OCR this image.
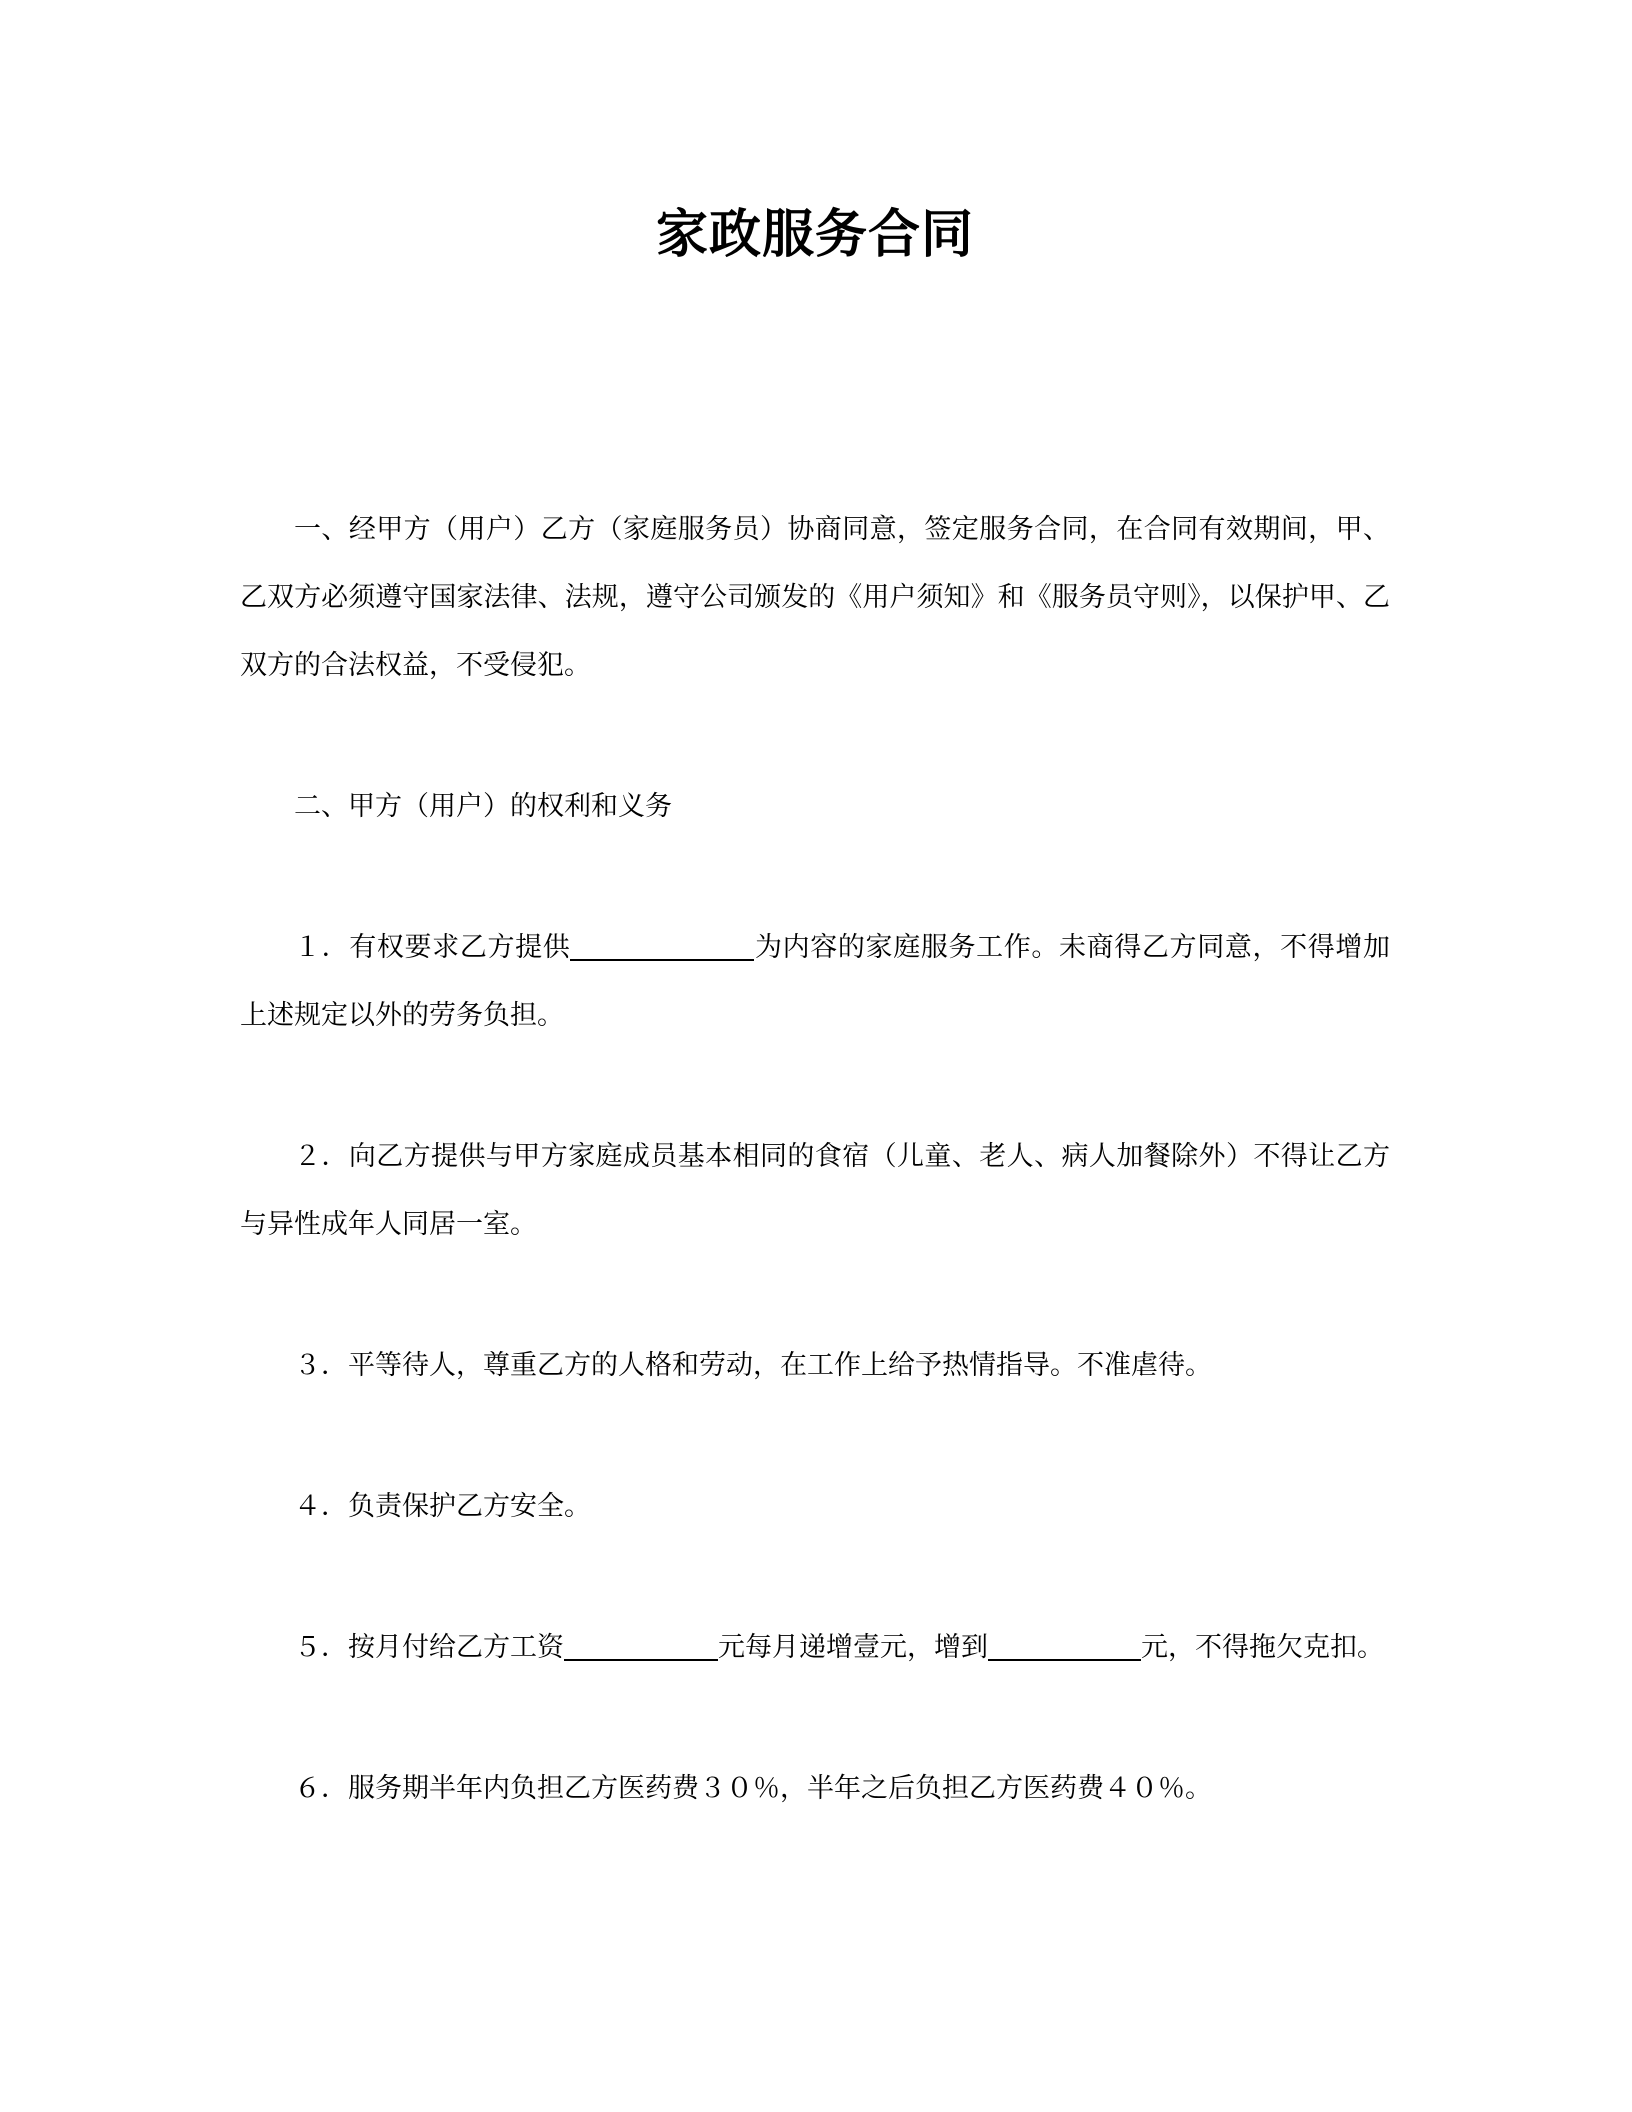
家政服务合同

一、经甲方（用户）乙方（家庭服务员）协商同意，签定服务合同，在合同有效期间，甲、乙双方必须遵守国家法律、法规，遵守公司颁发的《用户须知》和《服务员守则》，以保护甲、乙双方的合法权益，不受侵犯。

二、甲方（用户）的权利和义务

１．有权要求乙方提供	为内容的家庭服务工作。未商得乙方同意，不得增加上述规定以外的劳务负担。

２．向乙方提供与甲方家庭成员基本相同的食宿（儿童、老人、病人加餐除外）不得让乙方与异性成年人同居一室。

３．平等待人，尊重乙方的人格和劳动，在工作上给予热情指导。不准虐待。

４．负责保护乙方安全。

５．按月付给乙方工资	元每月递增壹元，增到	元，不得拖欠克扣。

６．服务期半年内负担乙方医药费３０％，半年之后负担乙方医药费４０％。
